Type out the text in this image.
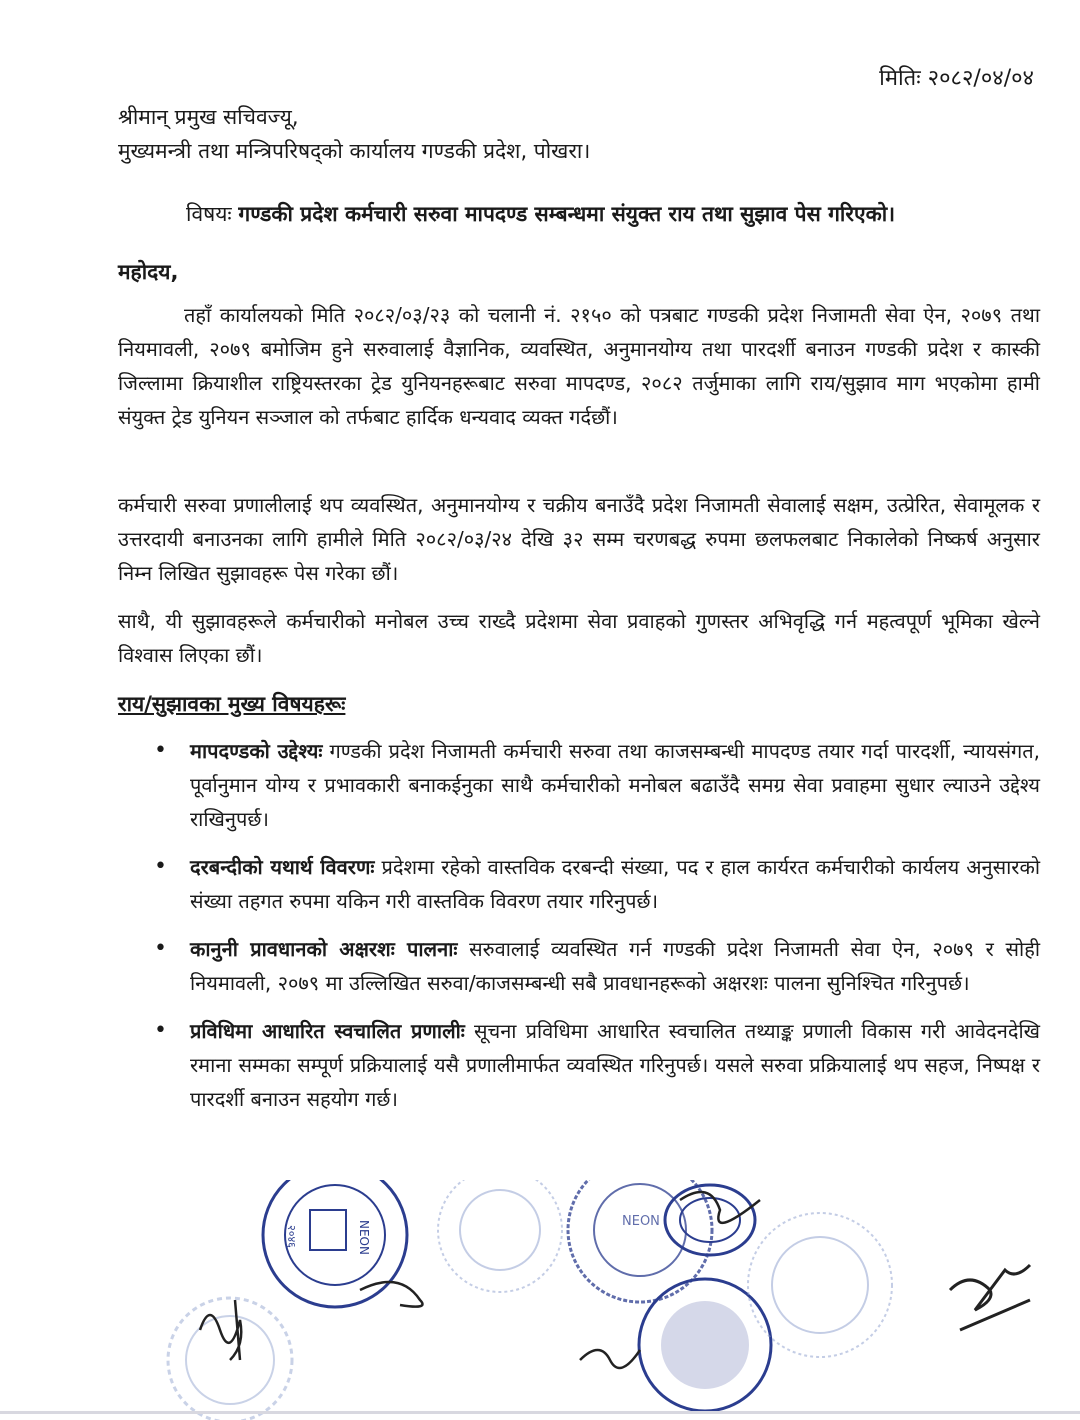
मितिः २०८२/०४/०४
श्रीमान् प्रमुख सचिवज्यू,
मुख्यमन्त्री तथा मन्त्रिपरिषद्को कार्यालय गण्डकी प्रदेश, पोखरा।
विषयः गण्डकी प्रदेश कर्मचारी सरुवा मापदण्ड सम्बन्धमा संयुक्त राय तथा सुझाव पेस गरिएको।
महोदय,

तहाँ कार्यालयको मिति २०८२/०३/२३ को चलानी नं. २१५० को पत्रबाट गण्डकी प्रदेश निजामती सेवा ऐन, २०७९ तथा नियमावली, २०७९ बमोजिम हुने सरुवालाई वैज्ञानिक, व्यवस्थित, अनुमानयोग्य तथा पारदर्शी बनाउन गण्डकी प्रदेश र कास्की जिल्लामा क्रियाशील राष्ट्रियस्तरका ट्रेड युनियनहरूबाट सरुवा मापदण्ड, २०८२ तर्जुमाका लागि राय/सुझाव माग भएकोमा हामी संयुक्त ट्रेड युनियन सञ्जाल को तर्फबाट हार्दिक धन्यवाद व्यक्त गर्दछौं।

कर्मचारी सरुवा प्रणालीलाई थप व्यवस्थित, अनुमानयोग्य र चक्रीय बनाउँदै प्रदेश निजामती सेवालाई सक्षम, उत्प्रेरित, सेवामूलक र उत्तरदायी बनाउनका लागि हामीले मिति २०८२/०३/२४ देखि ३२ सम्म चरणबद्ध रुपमा छलफलबाट निकालेको निष्कर्ष अनुसार निम्न लिखित सुझावहरू पेस गरेका छौं।

साथै, यी सुझावहरूले कर्मचारीको मनोबल उच्च राख्दै प्रदेशमा सेवा प्रवाहको गुणस्तर अभिवृद्धि गर्न महत्वपूर्ण भूमिका खेल्ने विश्वास लिएका छौं।

राय/सुझावका मुख्य विषयहरूः
• मापदण्डको उद्देश्यः गण्डकी प्रदेश निजामती कर्मचारी सरुवा तथा काजसम्बन्धी मापदण्ड तयार गर्दा पारदर्शी, न्यायसंगत, पूर्वानुमान योग्य र प्रभावकारी बनाकईनुका साथै कर्मचारीको मनोबल बढाउँदै समग्र सेवा प्रवाहमा सुधार ल्याउने उद्देश्य राखिनुपर्छ।
• दरबन्दीको यथार्थ विवरणः प्रदेशमा रहेको वास्तविक दरबन्दी संख्या, पद र हाल कार्यरत कर्मचारीको कार्यलय अनुसारको संख्या तहगत रुपमा यकिन गरी वास्तविक विवरण तयार गरिनुपर्छ।
• कानुनी प्रावधानको अक्षरशः पालनाः सरुवालाई व्यवस्थित गर्न गण्डकी प्रदेश निजामती सेवा ऐन, २०७९ र सोही नियमावली, २०७९ मा उल्लिखित सरुवा/काजसम्बन्धी सबै प्रावधानहरूको अक्षरशः पालना सुनिश्चित गरिनुपर्छ।
• प्रविधिमा आधारित स्वचालित प्रणालीः सूचना प्रविधिमा आधारित स्वचालित तथ्याङ्क प्रणाली विकास गरी आवेदनदेखि रमाना सम्मका सम्पूर्ण प्रक्रियालाई यसै प्रणालीमार्फत व्यवस्थित गरिनुपर्छ। यसले सरुवा प्रक्रियालाई थप सहज, निष्पक्ष र पारदर्शी बनाउन सहयोग गर्छ।
NEON
२०४६
NEON
